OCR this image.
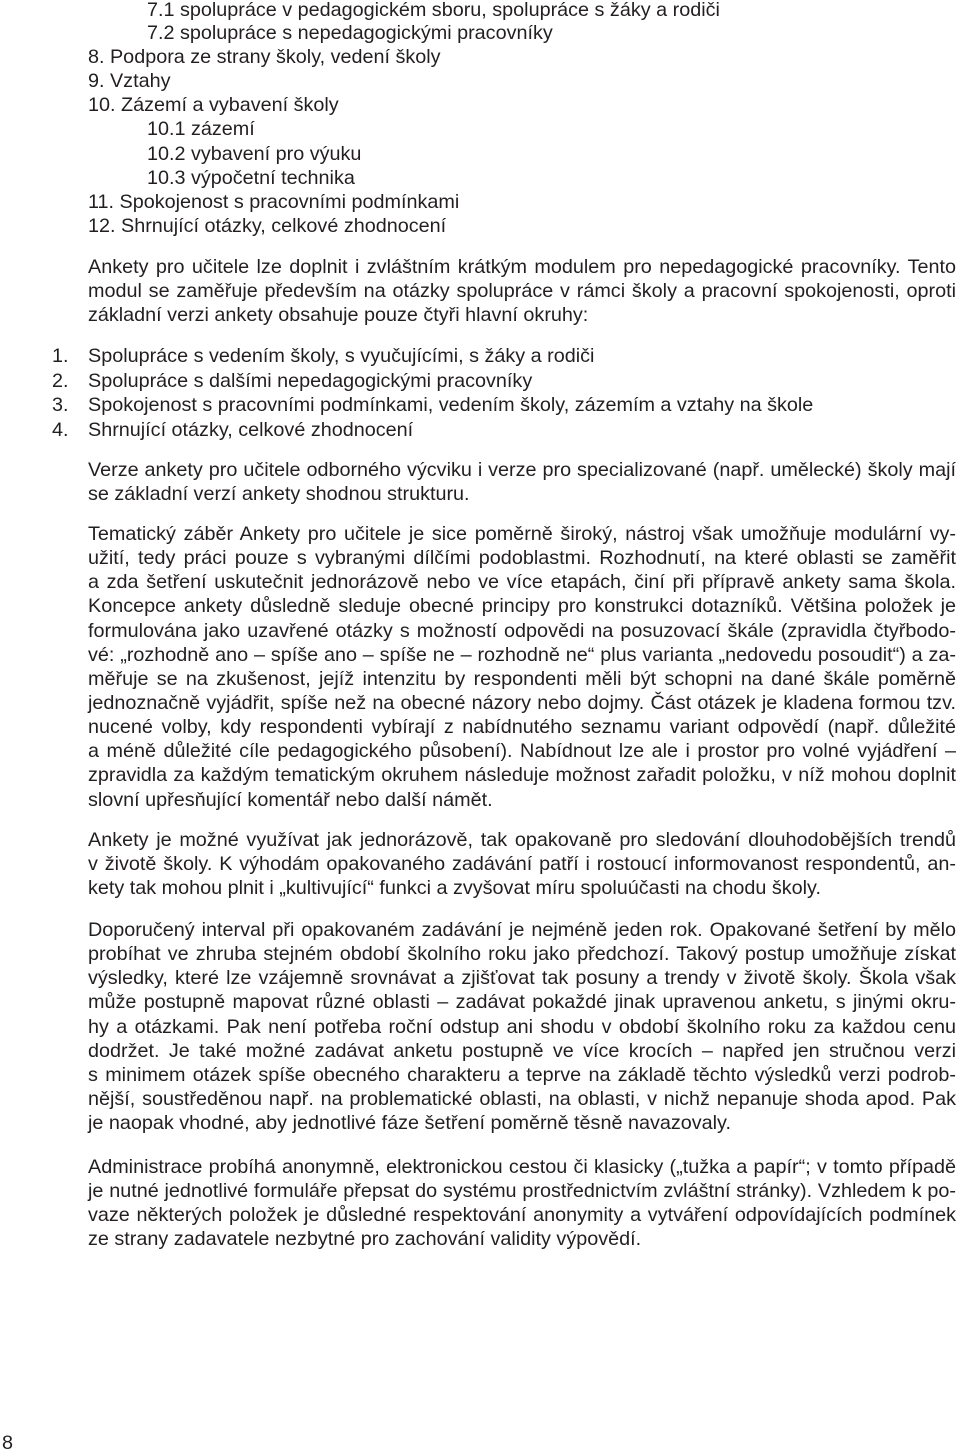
7.1 spolupráce v pedagogickém sboru, spolupráce s žáky a rodiči
7.2 spolupráce s nepedagogickými pracovníky
8. Podpora ze strany školy, vedení školy
9. Vztahy
10. Zázemí a vybavení školy
10.1 zázemí
10.2 vybavení pro výuku
10.3 výpočetní technika
11. Spokojenost s pracovními podmínkami
12. Shrnující otázky, celkové zhodnocení
Ankety pro učitele lze doplnit i zvláštním krátkým modulem pro nepedagogické pracovníky. Tento
modul se zaměřuje především na otázky spolupráce v rámci školy a pracovní spokojenosti, oproti
základní verzi ankety obsahuje pouze čtyři hlavní okruhy:
1. Spolupráce s vedením školy, s vyučujícími, s žáky a rodiči
2. Spolupráce s dalšími nepedagogickými pracovníky
3. Spokojenost s pracovními podmínkami, vedením školy, zázemím a vztahy na škole
4. Shrnující otázky, celkové zhodnocení
Verze ankety pro učitele odborného výcviku i verze pro specializované (např. umělecké) školy mají
se základní verzí ankety shodnou strukturu.
Tematický záběr Ankety pro učitele je sice poměrně široký, nástroj však umožňuje modulární vy-
užití, tedy práci pouze s vybranými dílčími podoblastmi. Rozhodnutí, na které oblasti se zaměřit
a zda šetření uskutečnit jednorázově nebo ve více etapách, činí při přípravě ankety sama škola.
Koncepce ankety důsledně sleduje obecné principy pro konstrukci dotazníků. Většina položek je
formulována jako uzavřené otázky s možností odpovědi na posuzovací škále (zpravidla čtyřbodo-
vé: „rozhodně ano – spíše ano – spíše ne – rozhodně ne“ plus varianta „nedovedu posoudit“) a za-
měřuje se na zkušenost, jejíž intenzitu by respondenti měli být schopni na dané škále poměrně
jednoznačně vyjádřit, spíše než na obecné názory nebo dojmy. Část otázek je kladena formou tzv.
nucené volby, kdy respondenti vybírají z nabídnutého seznamu variant odpovědí (např. důležité
a méně důležité cíle pedagogického působení). Nabídnout lze ale i prostor pro volné vyjádření –
zpravidla za každým tematickým okruhem následuje možnost zařadit položku, v níž mohou doplnit
slovní upřesňující komentář nebo další námět.
Ankety je možné využívat jak jednorázově, tak opakovaně pro sledování dlouhodobějších trendů
v životě školy. K výhodám opakovaného zadávání patří i rostoucí informovanost respondentů, an-
kety tak mohou plnit i „kultivující“ funkci a zvyšovat míru spoluúčasti na chodu školy.
Doporučený interval při opakovaném zadávání je nejméně jeden rok. Opakované šetření by mělo
probíhat ve zhruba stejném období školního roku jako předchozí. Takový postup umožňuje získat
výsledky, které lze vzájemně srovnávat a zjišťovat tak posuny a trendy v životě školy. Škola však
může postupně mapovat různé oblasti – zadávat pokaždé jinak upravenou anketu, s jinými okru-
hy a otázkami. Pak není potřeba roční odstup ani shodu v období školního roku za každou cenu
dodržet. Je také možné zadávat anketu postupně ve více krocích – napřed jen stručnou verzi
s minimem otázek spíše obecného charakteru a teprve na základě těchto výsledků verzi podrob-
nější, soustředěnou např. na problematické oblasti, na oblasti, v nichž nepanuje shoda apod. Pak
je naopak vhodné, aby jednotlivé fáze šetření poměrně těsně navazovaly.
Administrace probíhá anonymně, elektronickou cestou či klasicky („tužka a papír“; v tomto případě
je nutné jednotlivé formuláře přepsat do systému prostřednictvím zvláštní stránky). Vzhledem k po-
vaze některých položek je důsledné respektování anonymity a vytváření odpovídajících podmínek
ze strany zadavatele nezbytné pro zachování validity výpovědí.
8
